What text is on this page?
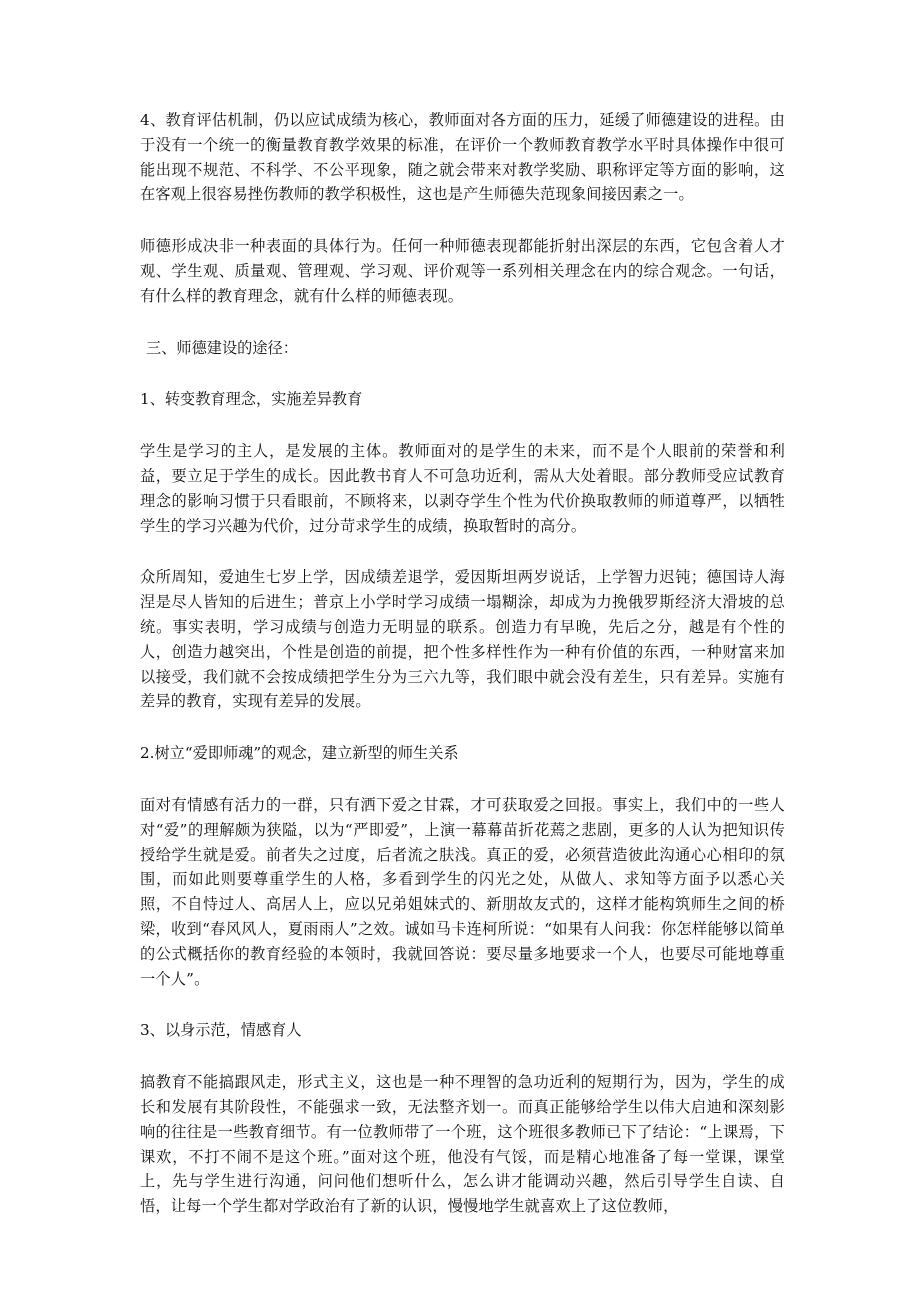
4、教育评估机制，仍以应试成绩为核心，教师面对各方面的压力，延缓了师德建设的进程。由于没有一个统一的衡量教育教学效果的标准，在评价一个教师教育教学水平时具体操作中很可能出现不规范、不科学、不公平现象，随之就会带来对教学奖励、职称评定等方面的影响，这在客观上很容易挫伤教师的教学积极性，这也是产生师德失范现象间接因素之一。

师德形成决非一种表面的具体行为。任何一种师德表现都能折射出深层的东西，它包含着人才观、学生观、质量观、管理观、学习观、评价观等一系列相关理念在内的综合观念。一句话，有什么样的教育理念，就有什么样的师德表现。

三、师德建设的途径：

1、转变教育理念，实施差异教育

学生是学习的主人，是发展的主体。教师面对的是学生的未来，而不是个人眼前的荣誉和利益，要立足于学生的成长。因此教书育人不可急功近利，需从大处着眼。部分教师受应试教育理念的影响习惯于只看眼前，不顾将来，以剥夺学生个性为代价换取教师的师道尊严，以牺牲学生的学习兴趣为代价，过分苛求学生的成绩，换取暂时的高分。

众所周知，爱迪生七岁上学，因成绩差退学，爱因斯坦两岁说话，上学智力迟钝；德国诗人海涅是尽人皆知的后进生；普京上小学时学习成绩一塌糊涂，却成为力挽俄罗斯经济大滑坡的总统。事实表明，学习成绩与创造力无明显的联系。创造力有早晚，先后之分，越是有个性的人，创造力越突出，个性是创造的前提，把个性多样性作为一种有价值的东西，一种财富来加以接受，我们就不会按成绩把学生分为三六九等，我们眼中就会没有差生，只有差异。实施有差异的教育，实现有差异的发展。

2.树立“爱即师魂”的观念，建立新型的师生关系

面对有情感有活力的一群，只有洒下爱之甘霖，才可获取爱之回报。事实上，我们中的一些人对“爱”的理解颇为狭隘，以为“严即爱”，上演一幕幕苗折花蔫之悲剧，更多的人认为把知识传授给学生就是爱。前者失之过度，后者流之肤浅。真正的爱，必须营造彼此沟通心心相印的氛围，而如此则要尊重学生的人格，多看到学生的闪光之处，从做人、求知等方面予以悉心关照，不自恃过人、高居人上，应以兄弟姐妹式的、新朋故友式的，这样才能构筑师生之间的桥梁，收到“春风风人，夏雨雨人”之效。诚如马卡连柯所说：“如果有人问我：你怎样能够以简单的公式概括你的教育经验的本领时，我就回答说：要尽量多地要求一个人，也要尽可能地尊重一个人”。

3、以身示范，情感育人

搞教育不能搞跟风走，形式主义，这也是一种不理智的急功近利的短期行为，因为，学生的成长和发展有其阶段性，不能强求一致，无法整齐划一。而真正能够给学生以伟大启迪和深刻影响的往往是一些教育细节。有一位教师带了一个班，这个班很多教师已下了结论：“上课焉，下课欢，不打不闹不是这个班。”面对这个班，他没有气馁，而是精心地准备了每一堂课，课堂上，先与学生进行沟通，问问他们想听什么，怎么讲才能调动兴趣，然后引导学生自读、自悟，让每一个学生都对学政治有了新的认识，慢慢地学生就喜欢上了这位教师，
